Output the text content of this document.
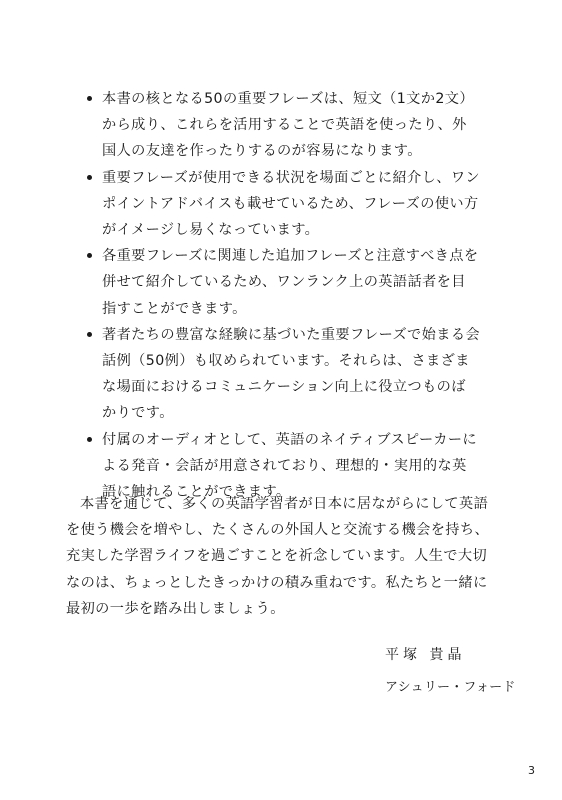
本書の核となる50の重要フレーズは、短文（1文か2文）から成り、これらを活用することで英語を使ったり、外国人の友達を作ったりするのが容易になります。
重要フレーズが使用できる状況を場面ごとに紹介し、ワンポイントアドバイスも載せているため、フレーズの使い方がイメージし易くなっています。
各重要フレーズに関連した追加フレーズと注意すべき点を併せて紹介しているため、ワンランク上の英語話者を目指すことができます。
著者たちの豊富な経験に基づいた重要フレーズで始まる会話例（50例）も収められています。それらは、さまざまな場面におけるコミュニケーション向上に役立つものばかりです。
付属のオーディオとして、英語のネイティブスピーカーによる発音・会話が用意されており、理想的・実用的な英語に触れることができます。

本書を通じて、多くの英語学習者が日本に居ながらにして英語を使う機会を増やし、たくさんの外国人と交流する機会を持ち、充実した学習ライフを過ごすことを祈念しています。人生で大切なのは、ちょっとしたきっかけの積み重ねです。私たちと一緒に最初の一歩を踏み出しましょう。

平塚 貴晶

アシュリー・フォード

3
